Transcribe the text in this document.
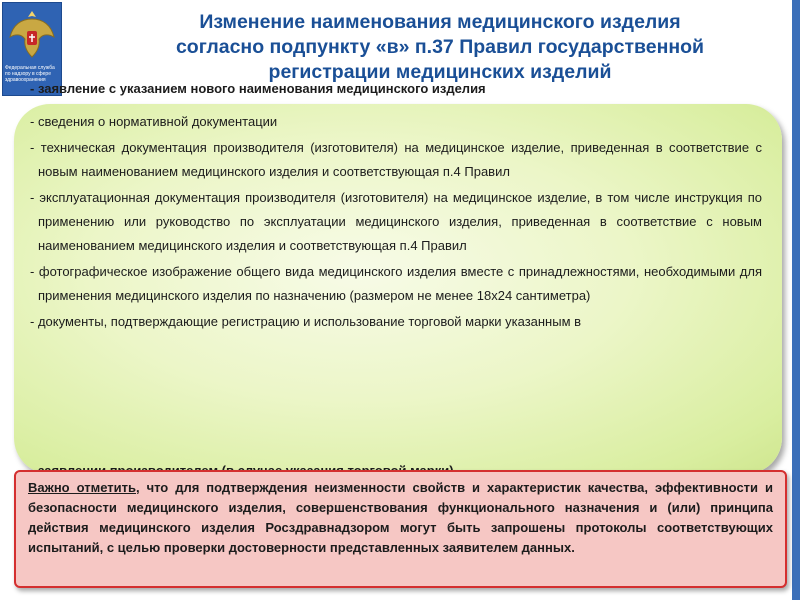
Федеральная служба по надзору в сфере здравоохранения
Изменение наименования медицинского изделия
согласно подпункту «в» п.37 Правил государственной
регистрации медицинских изделий
- заявление с указанием нового наименования медицинского изделия
- сведения о нормативной документации
- техническая документация производителя (изготовителя) на медицинское изделие, приведенная в соответствие с новым наименованием медицинского изделия и соответствующая п.4 Правил
- эксплуатационная документация производителя (изготовителя) на медицинское изделие, в том числе инструкция по применению или руководство по эксплуатации медицинского изделия, приведенная в соответствие с новым наименованием медицинского изделия и соответствующая п.4 Правил
- фотографическое изображение общего вида медицинского изделия вместе с принадлежностями, необходимыми для применения медицинского изделия по назначению (размером не менее 18х24 сантиметра)
- документы, подтверждающие регистрацию и использование торговой марки указанным в
Важно отметить, что для подтверждения неизменности свойств и характеристик качества, эффективности и безопасности медицинского изделия, совершенствования функционального назначения и (или) принципа действия медицинского изделия Росздравнадзором могут быть запрошены протоколы соответствующих испытаний, с целью проверки достоверности представленных заявителем данных.
